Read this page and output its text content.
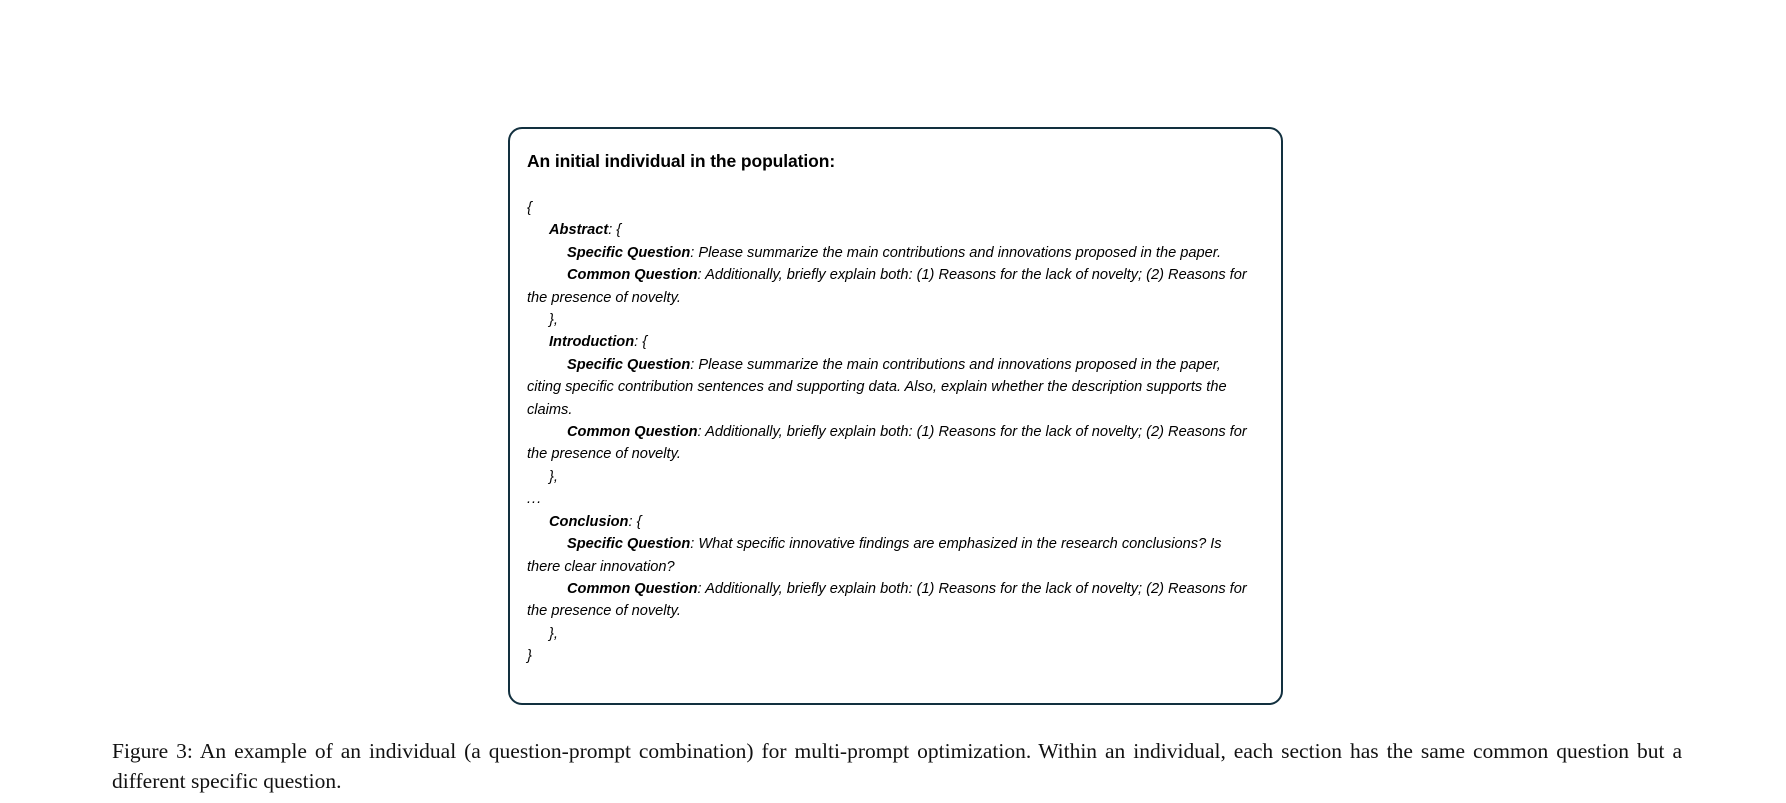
An initial individual in the population:
{
Abstract: {
Specific Question: Please summarize the main contributions and innovations proposed in the paper.
Common Question: Additionally, briefly explain both: (1) Reasons for the lack of novelty; (2) Reasons for the presence of novelty.
},
Introduction: {
Specific Question: Please summarize the main contributions and innovations proposed in the paper, citing specific contribution sentences and supporting data. Also, explain whether the description supports the claims.
Common Question: Additionally, briefly explain both: (1) Reasons for the lack of novelty; (2) Reasons for the presence of novelty.
},
...
Conclusion: {
Specific Question: What specific innovative findings are emphasized in the research conclusions? Is there clear innovation?
Common Question: Additionally, briefly explain both: (1) Reasons for the lack of novelty; (2) Reasons for the presence of novelty.
},
}
Figure 3: An example of an individual (a question-prompt combination) for multi-prompt optimization. Within an individual, each section has the same common question but a different specific question.
